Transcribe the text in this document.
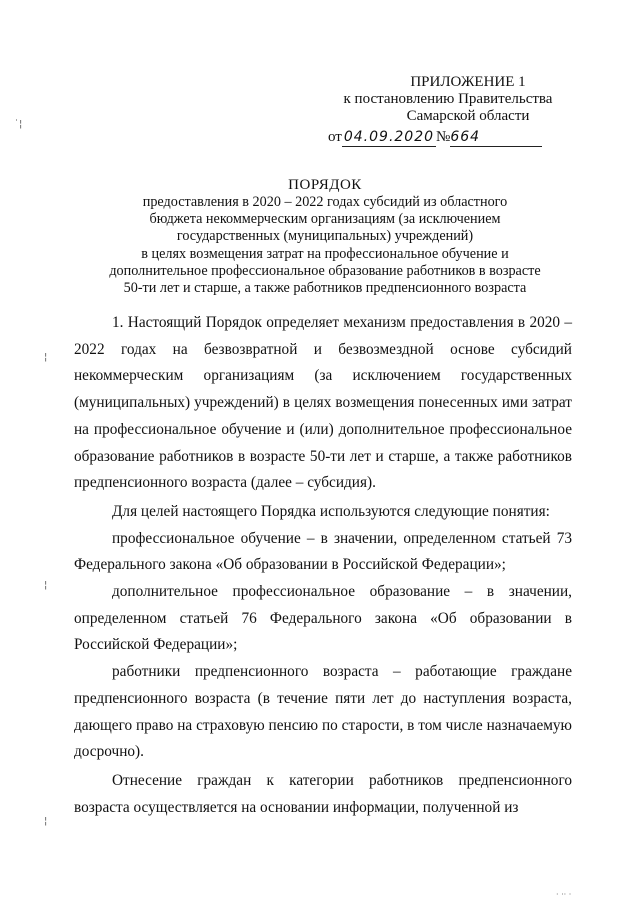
˙¦
¦
¦
¦
ПРИЛОЖЕНИЕ 1
к постановлению Правительства
Самарской области
от 04.09.2020 №664
ПОРЯДОК
предоставления в 2020 – 2022 годах субсидий из областного
бюджета некоммерческим организациям (за исключением
государственных (муниципальных) учреждений)
в целях возмещения затрат на профессиональное обучение и
дополнительное профессиональное образование работников в возрасте
50-ти лет и старше, а также работников предпенсионного возраста

1. Настоящий Порядок определяет механизм предоставления в 2020 – 2022 годах на безвозвратной и безвозмездной основе субсидий некоммерческим организациям (за исключением государственных (муниципальных) учреждений) в целях возмещения понесенных ими затрат на профессиональное обучение и (или) дополнительное профессиональное образование работников в возрасте 50-ти лет и старше, а также работников предпенсионного возраста (далее – субсидия).

Для целей настоящего Порядка используются следующие понятия:

профессиональное обучение – в значении, определенном статьей 73 Федерального закона «Об образовании в Российской Федерации»;

дополнительное профессиональное образование – в значении, определенном статьей 76 Федерального закона «Об образовании в Российской Федерации»;

работники предпенсионного возраста – работающие граждане предпенсионного возраста (в течение пяти лет до наступления возраста, дающего право на страховую пенсию по старости, в том числе назначаемую досрочно).

Отнесение граждан к категории работников предпенсионного возраста осуществляется на основании информации, полученной из

· ·· ·
